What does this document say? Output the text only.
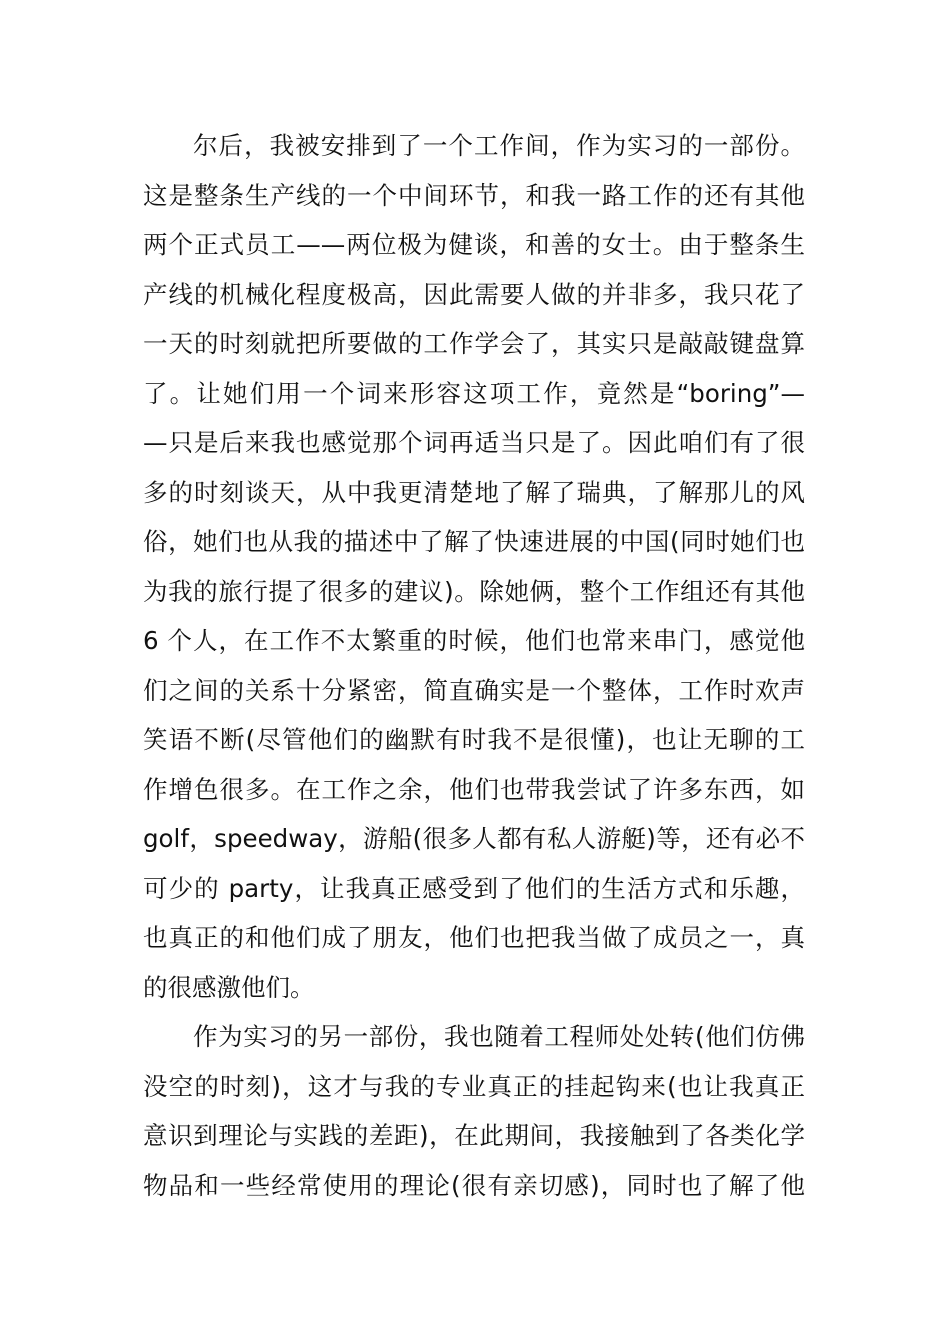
尔后，我被安排到了一个工作间，作为实习的一部份。
这是整条生产线的一个中间环节，和我一路工作的还有其他
两个正式员工——两位极为健谈，和善的女士。由于整条生
产线的机械化程度极高，因此需要人做的并非多，我只花了
一天的时刻就把所要做的工作学会了，其实只是敲敲键盘算
了。让她们用一个词来形容这项工作，竟然是“boring”—
—只是后来我也感觉那个词再适当只是了。因此咱们有了很
多的时刻谈天，从中我更清楚地了解了瑞典，了解那儿的风
俗，她们也从我的描述中了解了快速进展的中国(同时她们也
为我的旅行提了很多的建议)。除她俩，整个工作组还有其他
6 个人，在工作不太繁重的时候，他们也常来串门，感觉他
们之间的关系十分紧密，简直确实是一个整体，工作时欢声
笑语不断(尽管他们的幽默有时我不是很懂)，也让无聊的工
作增色很多。在工作之余，他们也带我尝试了许多东西，如
golf，speedway，游船(很多人都有私人游艇)等，还有必不
可少的 party，让我真正感受到了他们的生活方式和乐趣，
也真正的和他们成了朋友，他们也把我当做了成员之一，真
的很感激他们。
作为实习的另一部份，我也随着工程师处处转(他们仿佛
没空的时刻)，这才与我的专业真正的挂起钩来(也让我真正
意识到理论与实践的差距)，在此期间，我接触到了各类化学
物品和一些经常使用的理论(很有亲切感)，同时也了解了他
